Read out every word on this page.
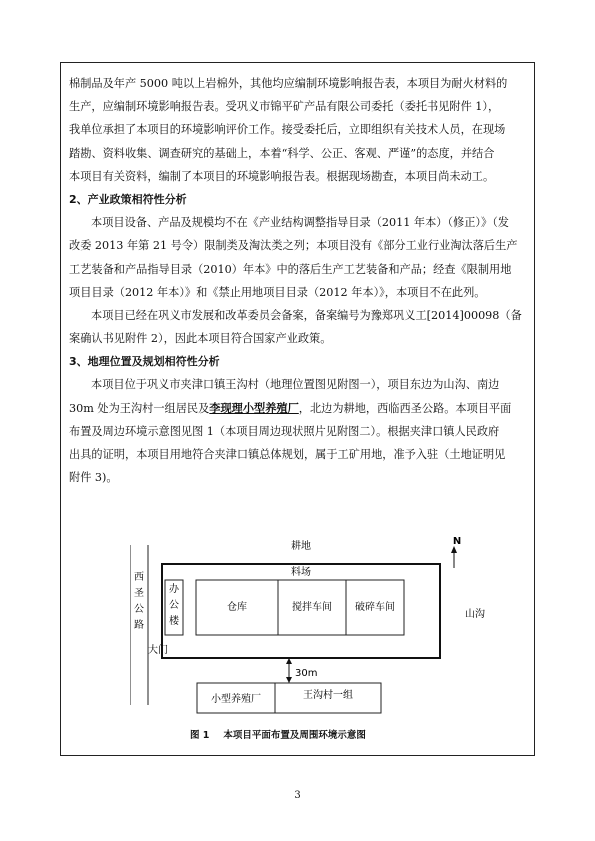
棉制品及年产 5000 吨以上岩棉外，其他均应编制环境影响报告表，本项目为耐火材料的
生产，应编制环境影响报告表。受巩义市锦平矿产品有限公司委托（委托书见附件 1），
我单位承担了本项目的环境影响评价工作。接受委托后，立即组织有关技术人员，在现场
踏勘、资料收集、调查研究的基础上，本着“科学、公正、客观、严谨”的态度，并结合
本项目有关资料，编制了本项目的环境影响报告表。根据现场勘查，本项目尚未动工。
2、产业政策相符性分析
本项目设备、产品及规模均不在《产业结构调整指导目录（2011 年本）（修正）》（发
改委 2013 年第 21 号令）限制类及淘汰类之列；本项目没有《部分工业行业淘汰落后生产
工艺装备和产品指导目录（2010）年本》中的落后生产工艺装备和产品；经查《限制用地
项目目录（2012 年本）》和《禁止用地项目目录（2012 年本）》，本项目不在此列。
本项目已经在巩义市发展和改革委员会备案，备案编号为豫郑巩义工[2014]00098（备
案确认书见附件 2），因此本项目符合国家产业政策。
3、地理位置及规划相符性分析
本项目位于巩义市夹津口镇王沟村（地理位置图见附图一），项目东边为山沟、南边
30m 处为王沟村一组居民及李现理小型养殖厂，北边为耕地，西临西圣公路。本项目平面
布置及周边环境示意图见图 1（本项目周边现状照片见附图二）。根据夹津口镇人民政府
出具的证明，本项目用地符合夹津口镇总体规划，属于工矿用地，准予入驻（土地证明见
附件 3)。
西圣公路
办公楼
仓库	搅拌车间 破碎车间
耕地
料场
山沟
N
大门
30m
小型养殖厂	王沟村一组
图 1 本项目平面布置及周围环境示意图
3
